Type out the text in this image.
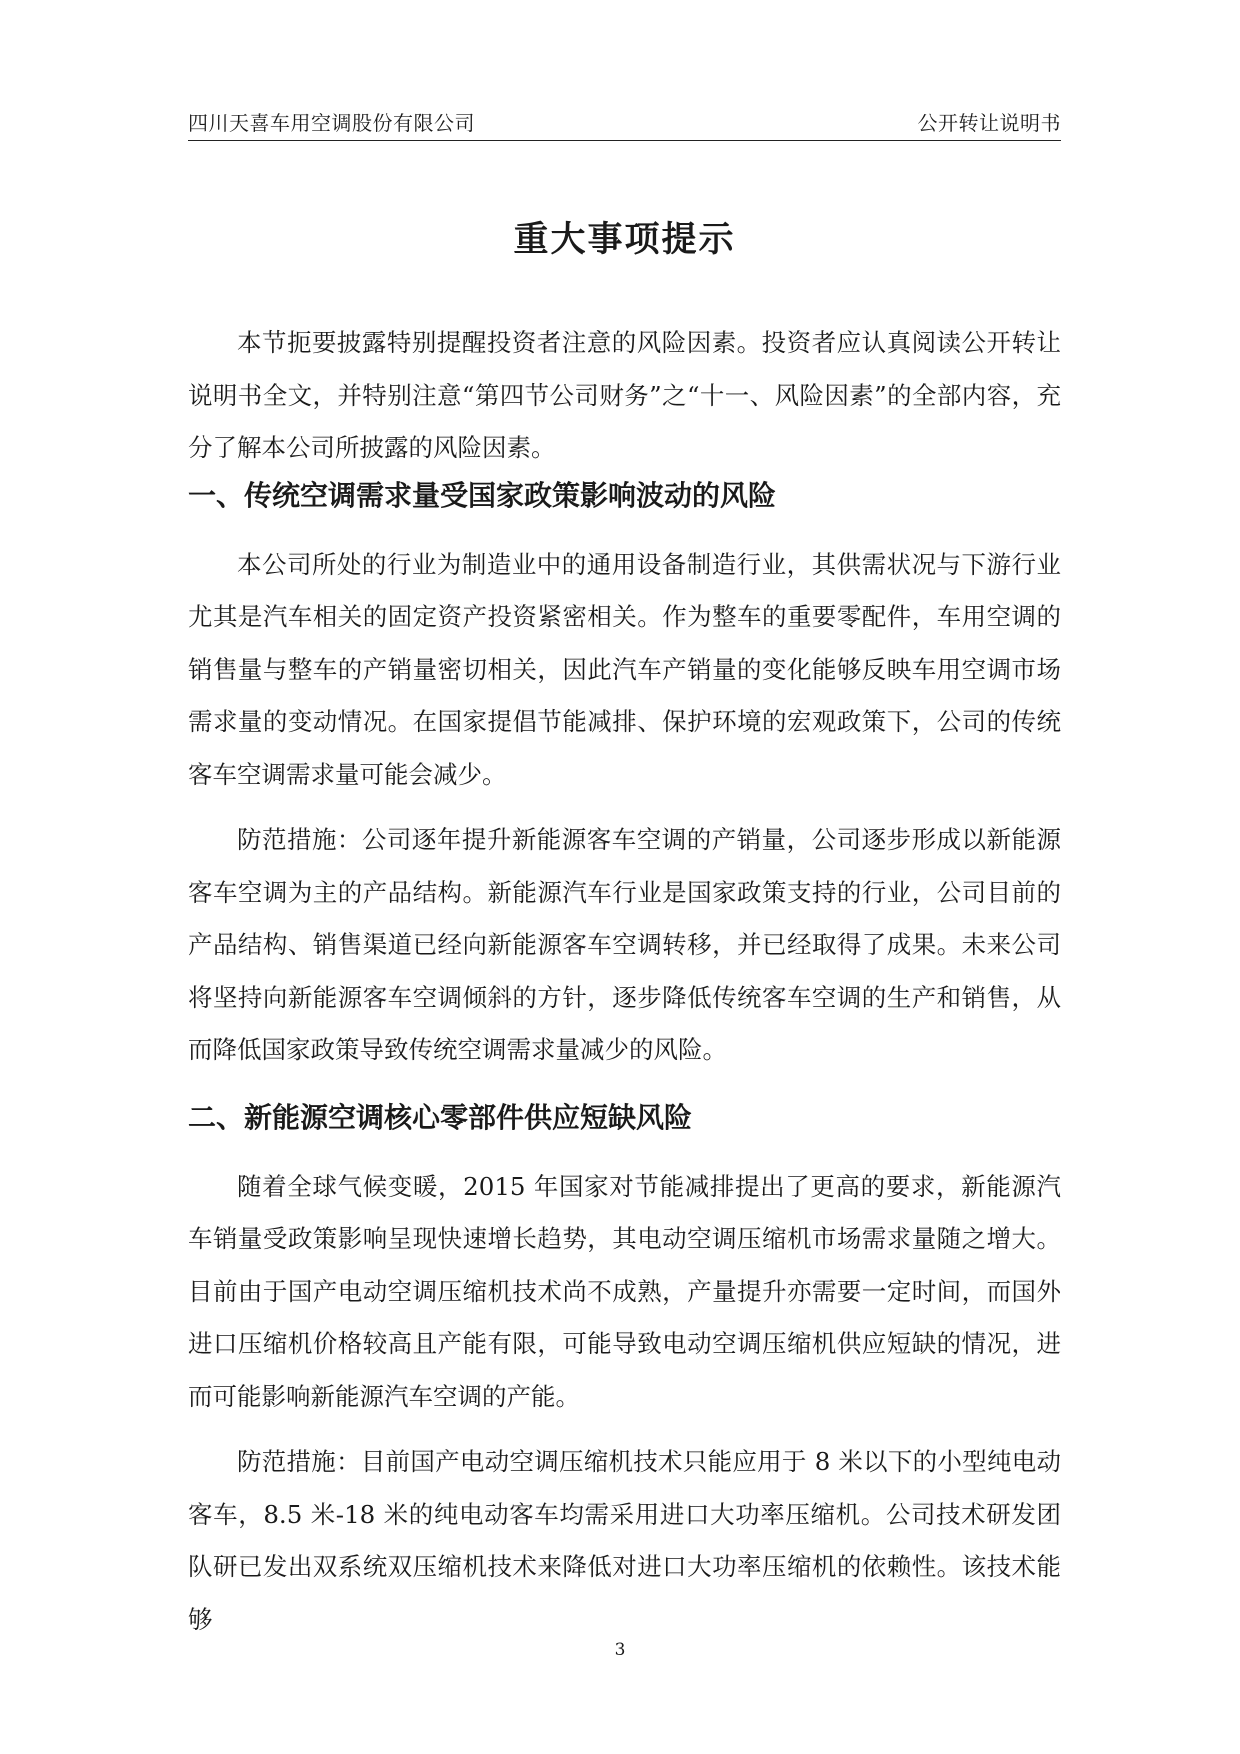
四川天喜车用空调股份有限公司	公开转让说明书
重大事项提示

本节扼要披露特别提醒投资者注意的风险因素。投资者应认真阅读公开转让说明书全文，并特别注意“第四节公司财务”之“十一、风险因素”的全部内容，充分了解本公司所披露的风险因素。

一、传统空调需求量受国家政策影响波动的风险

本公司所处的行业为制造业中的通用设备制造行业，其供需状况与下游行业尤其是汽车相关的固定资产投资紧密相关。作为整车的重要零配件，车用空调的销售量与整车的产销量密切相关，因此汽车产销量的变化能够反映车用空调市场需求量的变动情况。在国家提倡节能减排、保护环境的宏观政策下，公司的传统客车空调需求量可能会减少。

防范措施：公司逐年提升新能源客车空调的产销量，公司逐步形成以新能源客车空调为主的产品结构。新能源汽车行业是国家政策支持的行业，公司目前的产品结构、销售渠道已经向新能源客车空调转移，并已经取得了成果。未来公司将坚持向新能源客车空调倾斜的方针，逐步降低传统客车空调的生产和销售，从而降低国家政策导致传统空调需求量减少的风险。

二、新能源空调核心零部件供应短缺风险

随着全球气候变暖，2015 年国家对节能减排提出了更高的要求，新能源汽车销量受政策影响呈现快速增长趋势，其电动空调压缩机市场需求量随之增大。目前由于国产电动空调压缩机技术尚不成熟，产量提升亦需要一定时间，而国外进口压缩机价格较高且产能有限，可能导致电动空调压缩机供应短缺的情况，进而可能影响新能源汽车空调的产能。

防范措施：目前国产电动空调压缩机技术只能应用于 8 米以下的小型纯电动客车，8.5 米-18 米的纯电动客车均需采用进口大功率压缩机。公司技术研发团队研已发出双系统双压缩机技术来降低对进口大功率压缩机的依赖性。该技术能够

3
